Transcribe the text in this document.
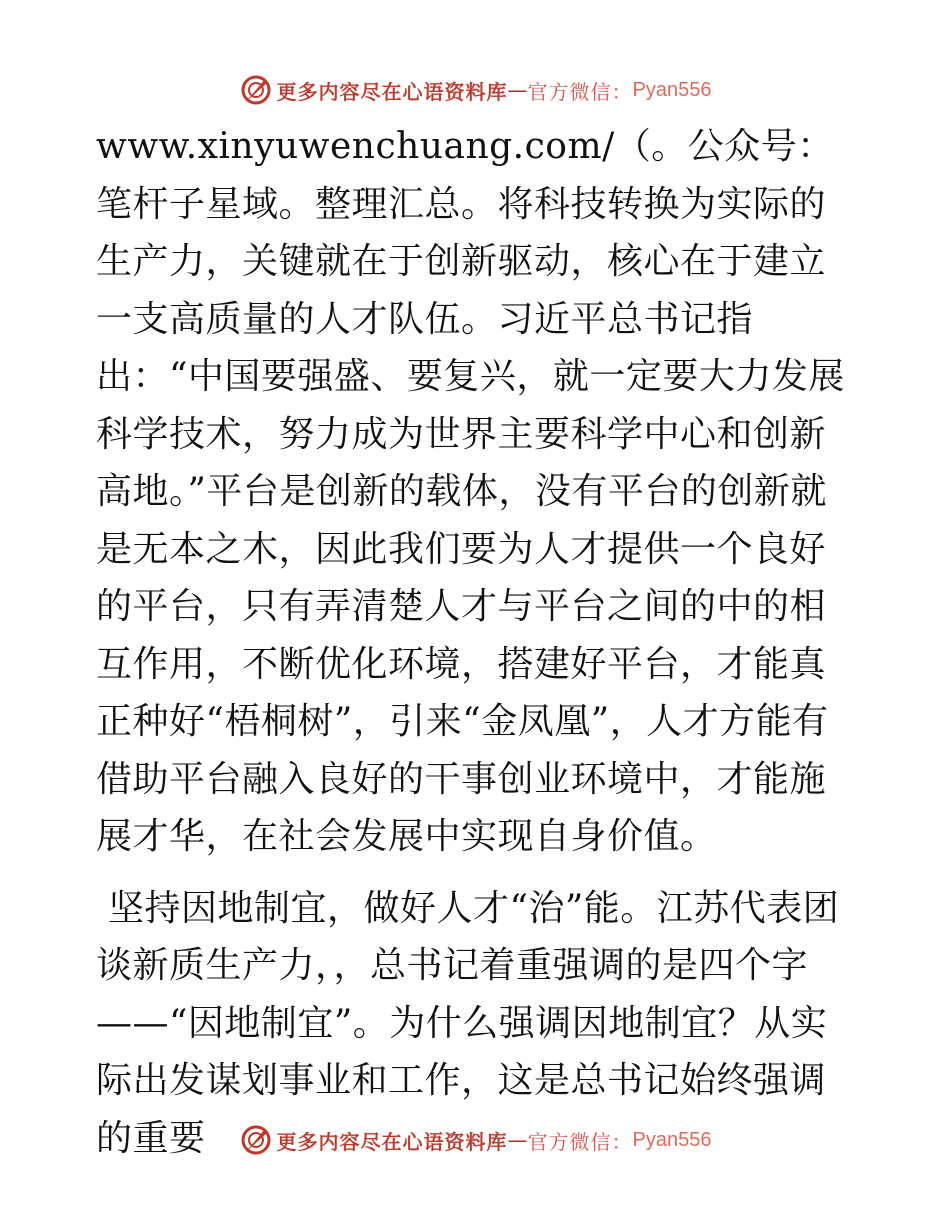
更多内容尽在心语资料库 — 官方微信： Pyan556

www.xinyuwenchuang.com/（。公众号：笔杆子星域。整理汇总。将科技转换为实际的生产力，关键就在于创新驱动，核心在于建立一支高质量的人才队伍。习近平总书记指出：“中国要强盛、要复兴，就一定要大力发展科学技术，努力成为世界主要科学中心和创新高地。”平台是创新的载体，没有平台的创新就是无本之木，因此我们要为人才提供一个良好的平台，只有弄清楚人才与平台之间的中的相互作用，不断优化环境，搭建好平台，才能真正种好“梧桐树”，引来“金凤凰”，人才方能有借助平台融入良好的干事创业环境中，才能施展才华，在社会发展中实现自身价值。

坚持因地制宜，做好人才“治”能。江苏代表团谈新质生产力，，总书记着重强调的是四个字——“因地制宜”。为什么强调因地制宜？从实际出发谋划事业和工作，这是总书记始终强调的重要	更多内容尽在心语资料库 — 官方微信： Pyan556
